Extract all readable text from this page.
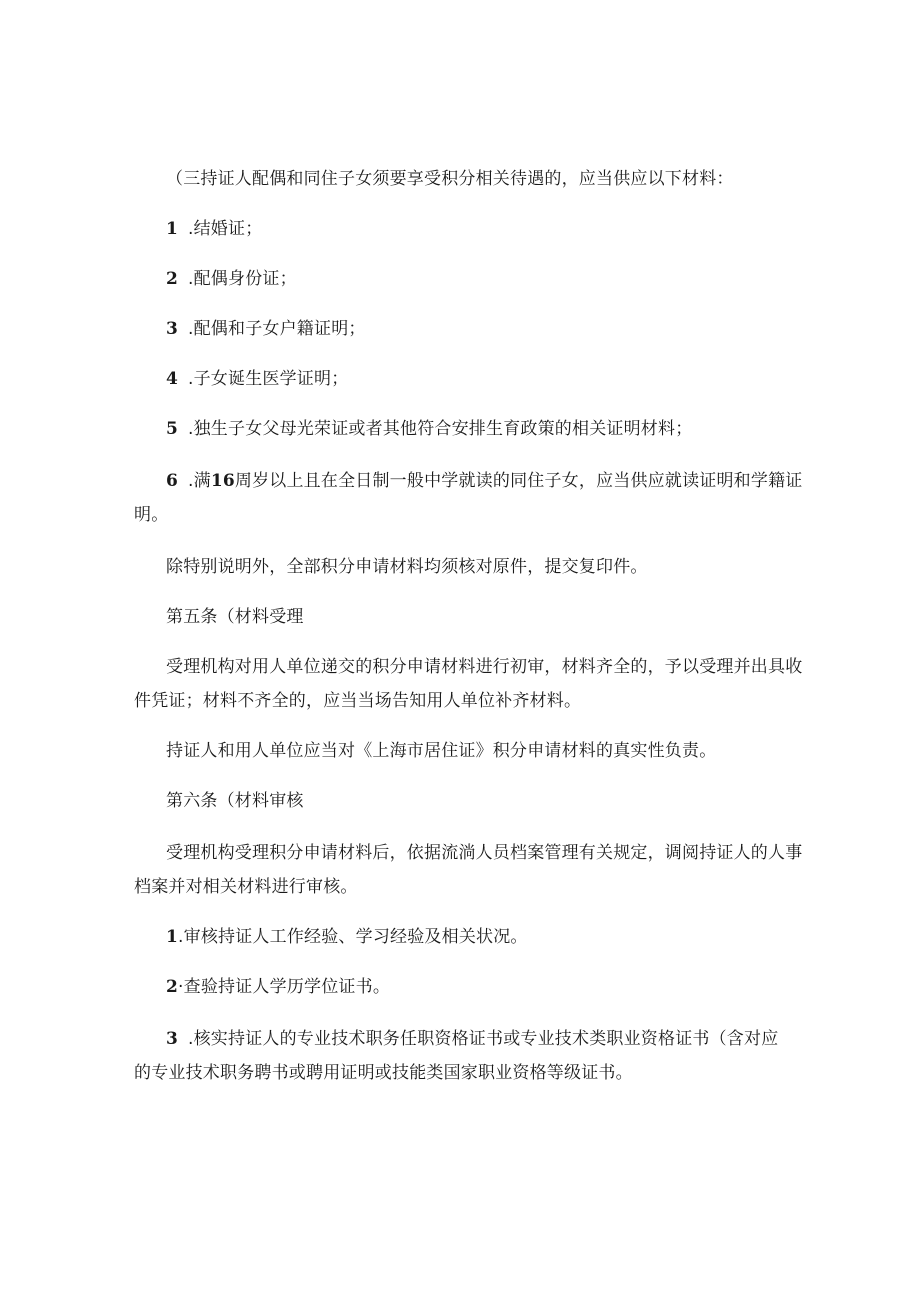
（三持证人配偶和同住子女须要享受积分相关待遇的，应当供应以下材料：
1 .结婚证；
2 .配偶身份证；
3 .配偶和子女户籍证明；
4 .子女诞生医学证明；
5 .独生子女父母光荣证或者其他符合安排生育政策的相关证明材料；
6 .满16周岁以上且在全日制一般中学就读的同住子女，应当供应就读证明和学籍证
明。
除特别说明外，全部积分申请材料均须核对原件，提交复印件。
第五条（材料受理
受理机构对用人单位递交的积分申请材料进行初审，材料齐全的，予以受理并出具收
件凭证；材料不齐全的，应当当场告知用人单位补齐材料。
持证人和用人单位应当对《上海市居住证》积分申请材料的真实性负责。
第六条（材料审核
受理机构受理积分申请材料后，依据流淌人员档案管理有关规定，调阅持证人的人事
档案并对相关材料进行审核。
1.审核持证人工作经验、学习经验及相关状况。
2·查验持证人学历学位证书。
3 .核实持证人的专业技术职务任职资格证书或专业技术类职业资格证书（含对应
的专业技术职务聘书或聘用证明或技能类国家职业资格等级证书。
